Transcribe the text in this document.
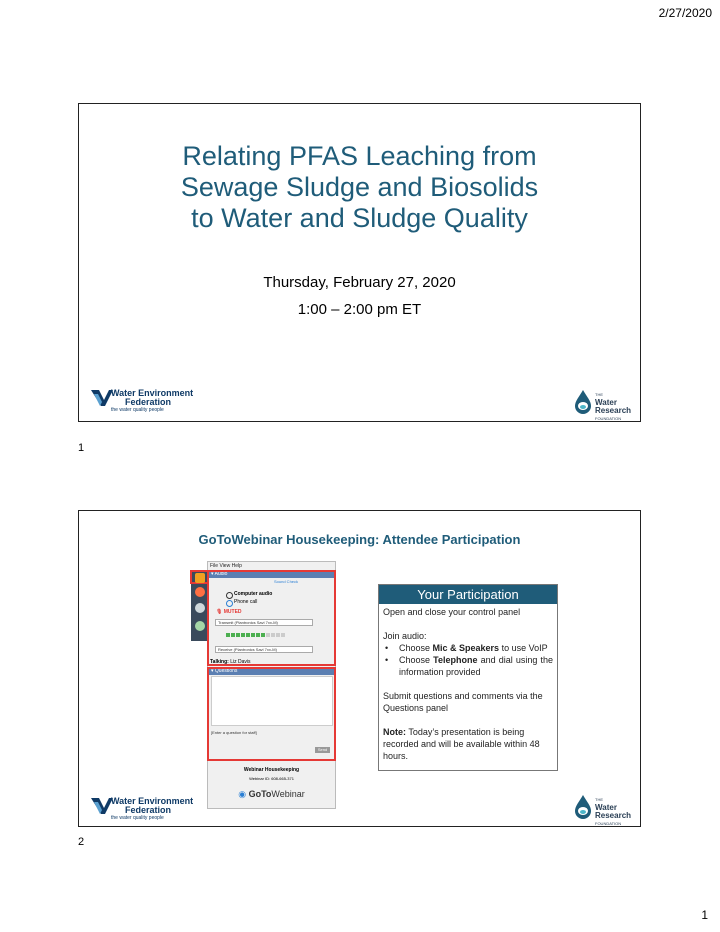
2/27/2020
Relating PFAS Leaching from
Sewage Sludge and Biosolids
to Water and Sludge Quality
Thursday, February 27, 2020
1:00 – 2:00 pm ET
Water Environment
Federation
the water quality people
THE
Water
Research
FOUNDATION
1
GoToWebinar Housekeeping: Attendee Participation
File View Help
▾ Audio
Sound Check
Computer audio
Phone call
🎙 MUTED
Transmit (Plantronics Savi 7xx-M)
Receive (Plantronics Savi 7xx-M)
Talking: Liz Davis
▾ Questions
[Enter a question for staff]
Send
Webinar Housekeeping
Webinar ID: 608-665-371
◉ GoToWebinar
Your Participation

Open and close your control panel

Join audio:

• Choose Mic & Speakers to use VoIP
• Choose Telephone and dial using the information provided

Submit questions and comments via the Questions panel

Note: Today’s presentation is being recorded and will be available within 48 hours.

Water Environment
Federation
the water quality people
THE
Water
Research
FOUNDATION
2
1
